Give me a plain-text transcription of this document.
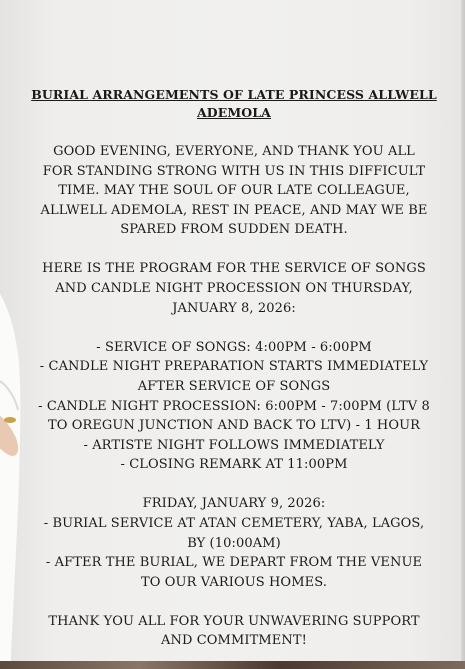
BURIAL ARRANGEMENTS OF LATE PRINCESS ALLWELL ADEMOLA
GOOD EVENING, EVERYONE, AND THANK YOU ALL
FOR STANDING STRONG WITH US IN THIS DIFFICULT
TIME. MAY THE SOUL OF OUR LATE COLLEAGUE,
ALLWELL ADEMOLA, REST IN PEACE, AND MAY WE BE
SPARED FROM SUDDEN DEATH.
HERE IS THE PROGRAM FOR THE SERVICE OF SONGS
AND CANDLE NIGHT PROCESSION ON THURSDAY,
JANUARY 8, 2026:
- SERVICE OF SONGS: 4:00PM - 6:00PM
- CANDLE NIGHT PREPARATION STARTS IMMEDIATELY
AFTER SERVICE OF SONGS
- CANDLE NIGHT PROCESSION: 6:00PM - 7:00PM (LTV 8
TO OREGUN JUNCTION AND BACK TO LTV) - 1 HOUR
- ARTISTE NIGHT FOLLOWS IMMEDIATELY
- CLOSING REMARK AT 11:00PM
FRIDAY, JANUARY 9, 2026:
- BURIAL SERVICE AT ATAN CEMETERY, YABA, LAGOS,
BY (10:00AM)
- AFTER THE BURIAL, WE DEPART FROM THE VENUE
TO OUR VARIOUS HOMES.
THANK YOU ALL FOR YOUR UNWAVERING SUPPORT
AND COMMITMENT!
